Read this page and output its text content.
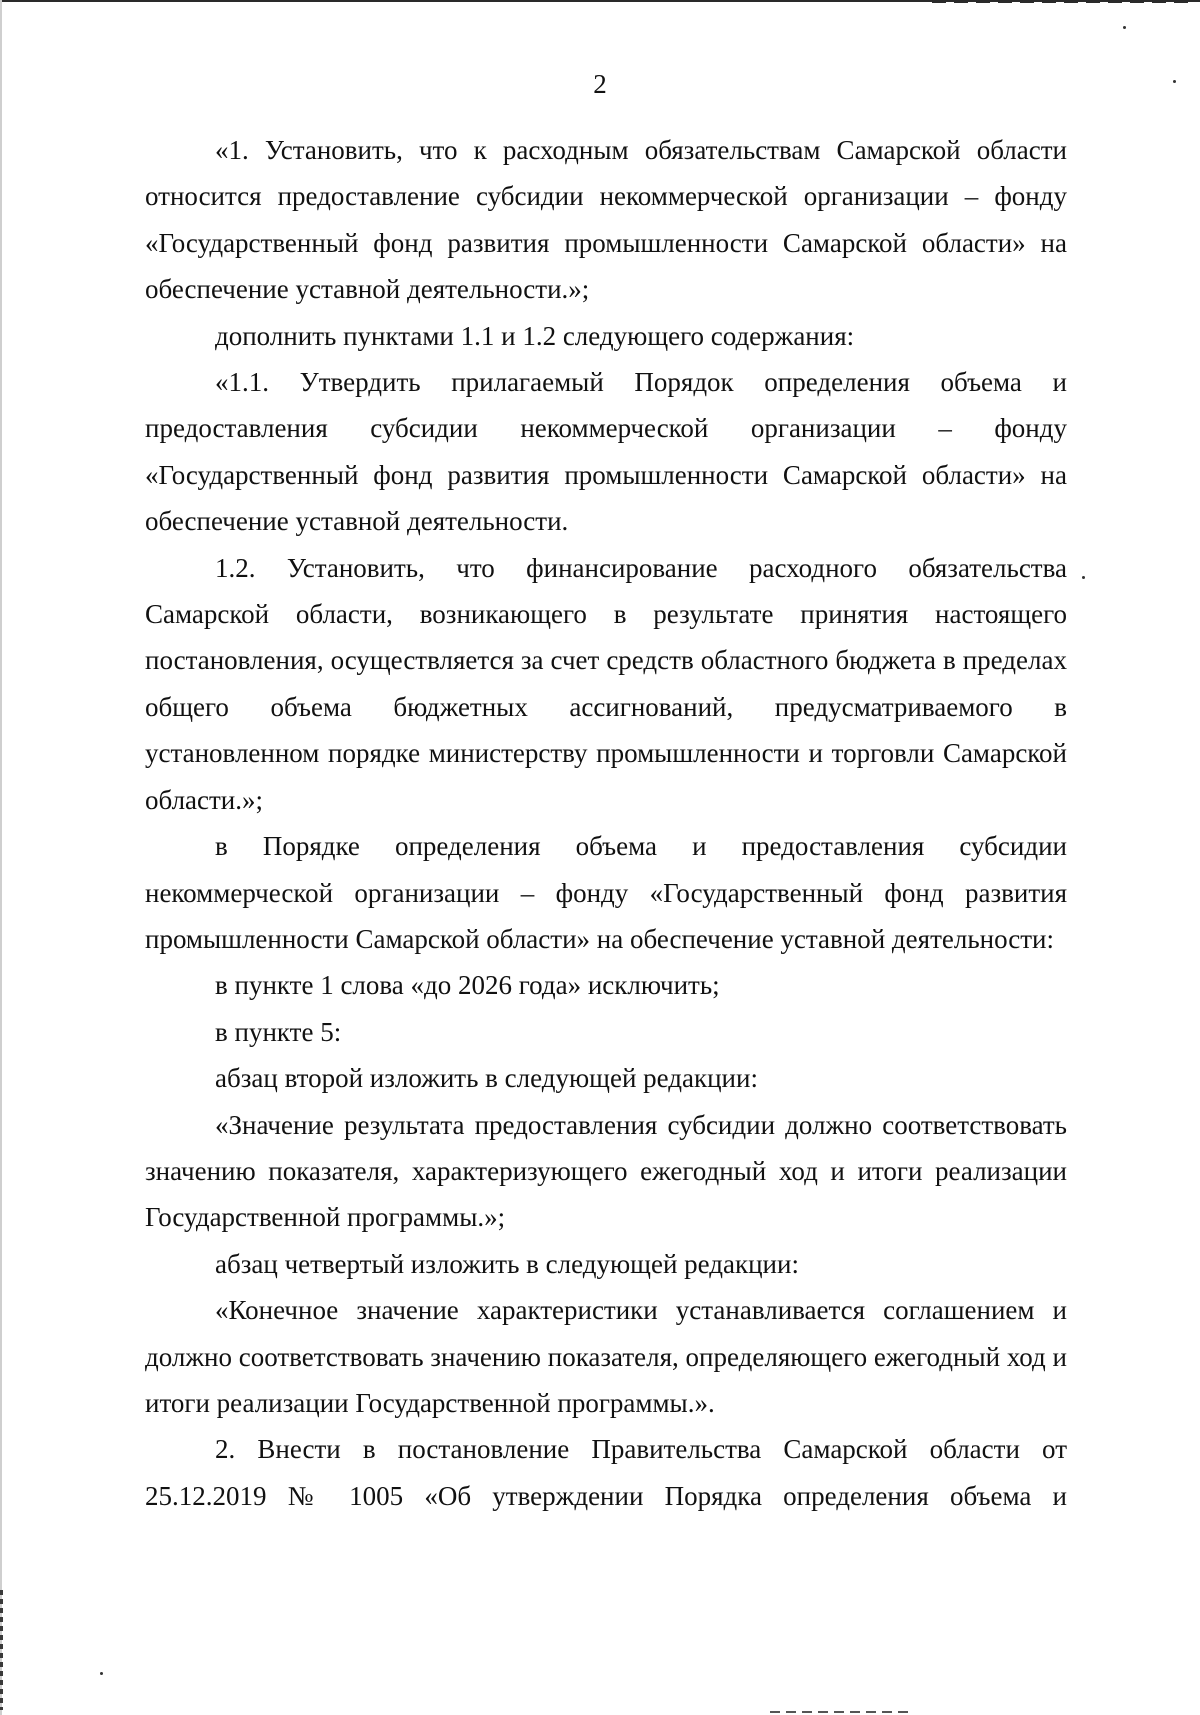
2

«1. Установить, что к расходным обязательствам Самарской области относится предоставление субсидии некоммерческой организации – фонду «Государственный фонд развития промышленности Самарской области» на обеспечение уставной деятельности.»;

дополнить пунктами 1.1 и 1.2 следующего содержания:

«1.1. Утвердить прилагаемый Порядок определения объема и предоставления субсидии некоммерческой организации – фонду «Государственный фонд развития промышленности Самарской области» на обеспечение уставной деятельности.

1.2. Установить, что финансирование расходного обязательства Самарской области, возникающего в результате принятия настоящего постановления, осуществляется за счет средств областного бюджета в пределах общего объема бюджетных ассигнований, предусматриваемого в установленном порядке министерству промышленности и торговли Самарской области.»;

в Порядке определения объема и предоставления субсидии некоммерческой организации – фонду «Государственный фонд развития промышленности Самарской области» на обеспечение уставной деятельности:

в пункте 1 слова «до 2026 года» исключить;

в пункте 5:

абзац второй изложить в следующей редакции:

«Значение результата предоставления субсидии должно соответствовать значению показателя, характеризующего ежегодный ход и итоги реализации Государственной программы.»;

абзац четвертый изложить в следующей редакции:

«Конечное значение характеристики устанавливается соглашением и должно соответствовать значению показателя, определяющего ежегодный ход и итоги реализации Государственной программы.».

2. Внести в постановление Правительства Самарской области от 25.12.2019 № 1005 «Об утверждении Порядка определения объема и
